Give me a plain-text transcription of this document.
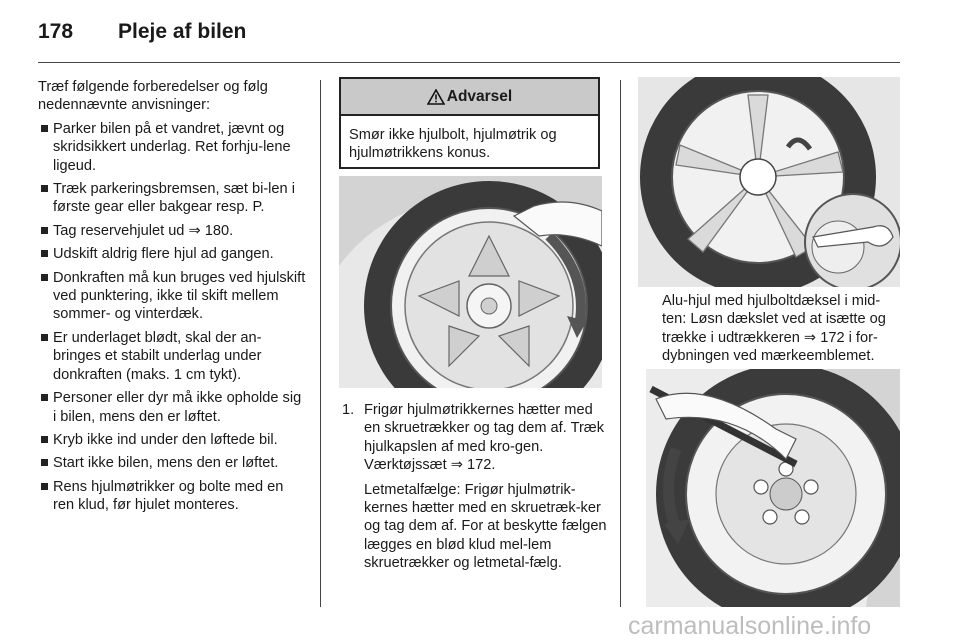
178 Pleje af bilen

Træf følgende forberedelser og følg nedennævnte anvisninger:

Parker bilen på et vandret, jævnt og skridsikkert underlag. Ret forhju-lene ligeud.
Træk parkeringsbremsen, sæt bi-len i første gear eller bakgear resp. P.
Tag reservehjulet ud ⇒ 180.
Udskift aldrig flere hjul ad gangen.
Donkraften må kun bruges ved hjulskift ved punktering, ikke til skift mellem sommer- og vinterdæk.
Er underlaget blødt, skal der an-bringes et stabilt underlag under donkraften (maks. 1 cm tykt).
Personer eller dyr må ikke opholde sig i bilen, mens den er løftet.
Kryb ikke ind under den løftede bil.
Start ikke bilen, mens den er løftet.
Rens hjulmøtrikker og bolte med en ren klud, før hjulet monteres.
Advarsel
Smør ikke hjulbolt, hjulmøtrik og hjulmøtrikkens konus.
1. Frigør hjulmøtrikkernes hætter med en skruetrækker og tag dem af. Træk hjulkapslen af med kro-gen. Værktøjssæt ⇒ 172.

Letmetalfælge: Frigør hjulmøtrik-kernes hætter med en skruetræk-ker og tag dem af. For at beskytte fælgen lægges en blød klud mel-lem skruetrækker og letmetal-fælg.

Alu-hjul med hjulboltdæksel i mid-ten: Løsn dækslet ved at isætte og trække i udtrækkeren ⇒ 172 i for-dybningen ved mærkeemblemet.
carmanualsonline.info
